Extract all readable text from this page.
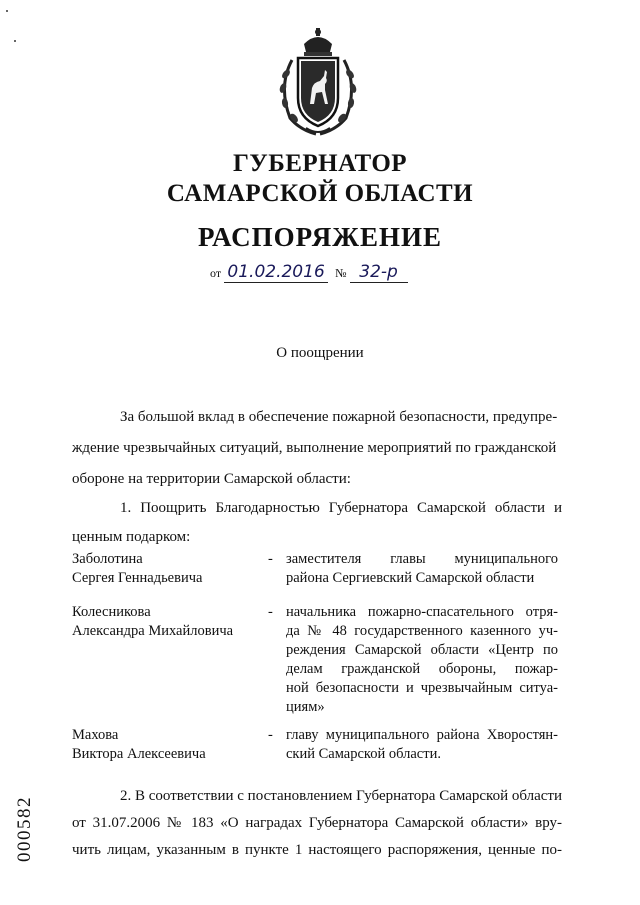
ГУБЕРНАТОР
САМАРСКОЙ ОБЛАСТИ
РАСПОРЯЖЕНИЕ
от 01.02.2016 № 32-р
О поощрении
За большой вклад в обеспечение пожарной безопасности, предупре-
ждение чрезвычайных ситуаций, выполнение мероприятий по гражданской
обороне на территории Самарской области:
1. Поощрить Благодарностью Губернатора Самарской области и
ценным подарком:
Заболотина
Сергея Геннадьевича
- заместителя главы муниципального
района Сергиевский Самарской области
Колесникова
Александра Михайловича
- начальника пожарно-спасательного отря-
да № 48 государственного казенного уч-
реждения Самарской области «Центр по
делам гражданской обороны, пожар-
ной безопасности и чрезвычайным ситуа-
циям»
Махова
Виктора Алексеевича
- главу муниципального района Хворостян-
ский Самарской области.
2. В соответствии с постановлением Губернатора Самарской области
от 31.07.2006 № 183 «О наградах Губернатора Самарской области» вру-
чить лицам, указанным в пункте 1 настоящего распоряжения, ценные по-
000582
